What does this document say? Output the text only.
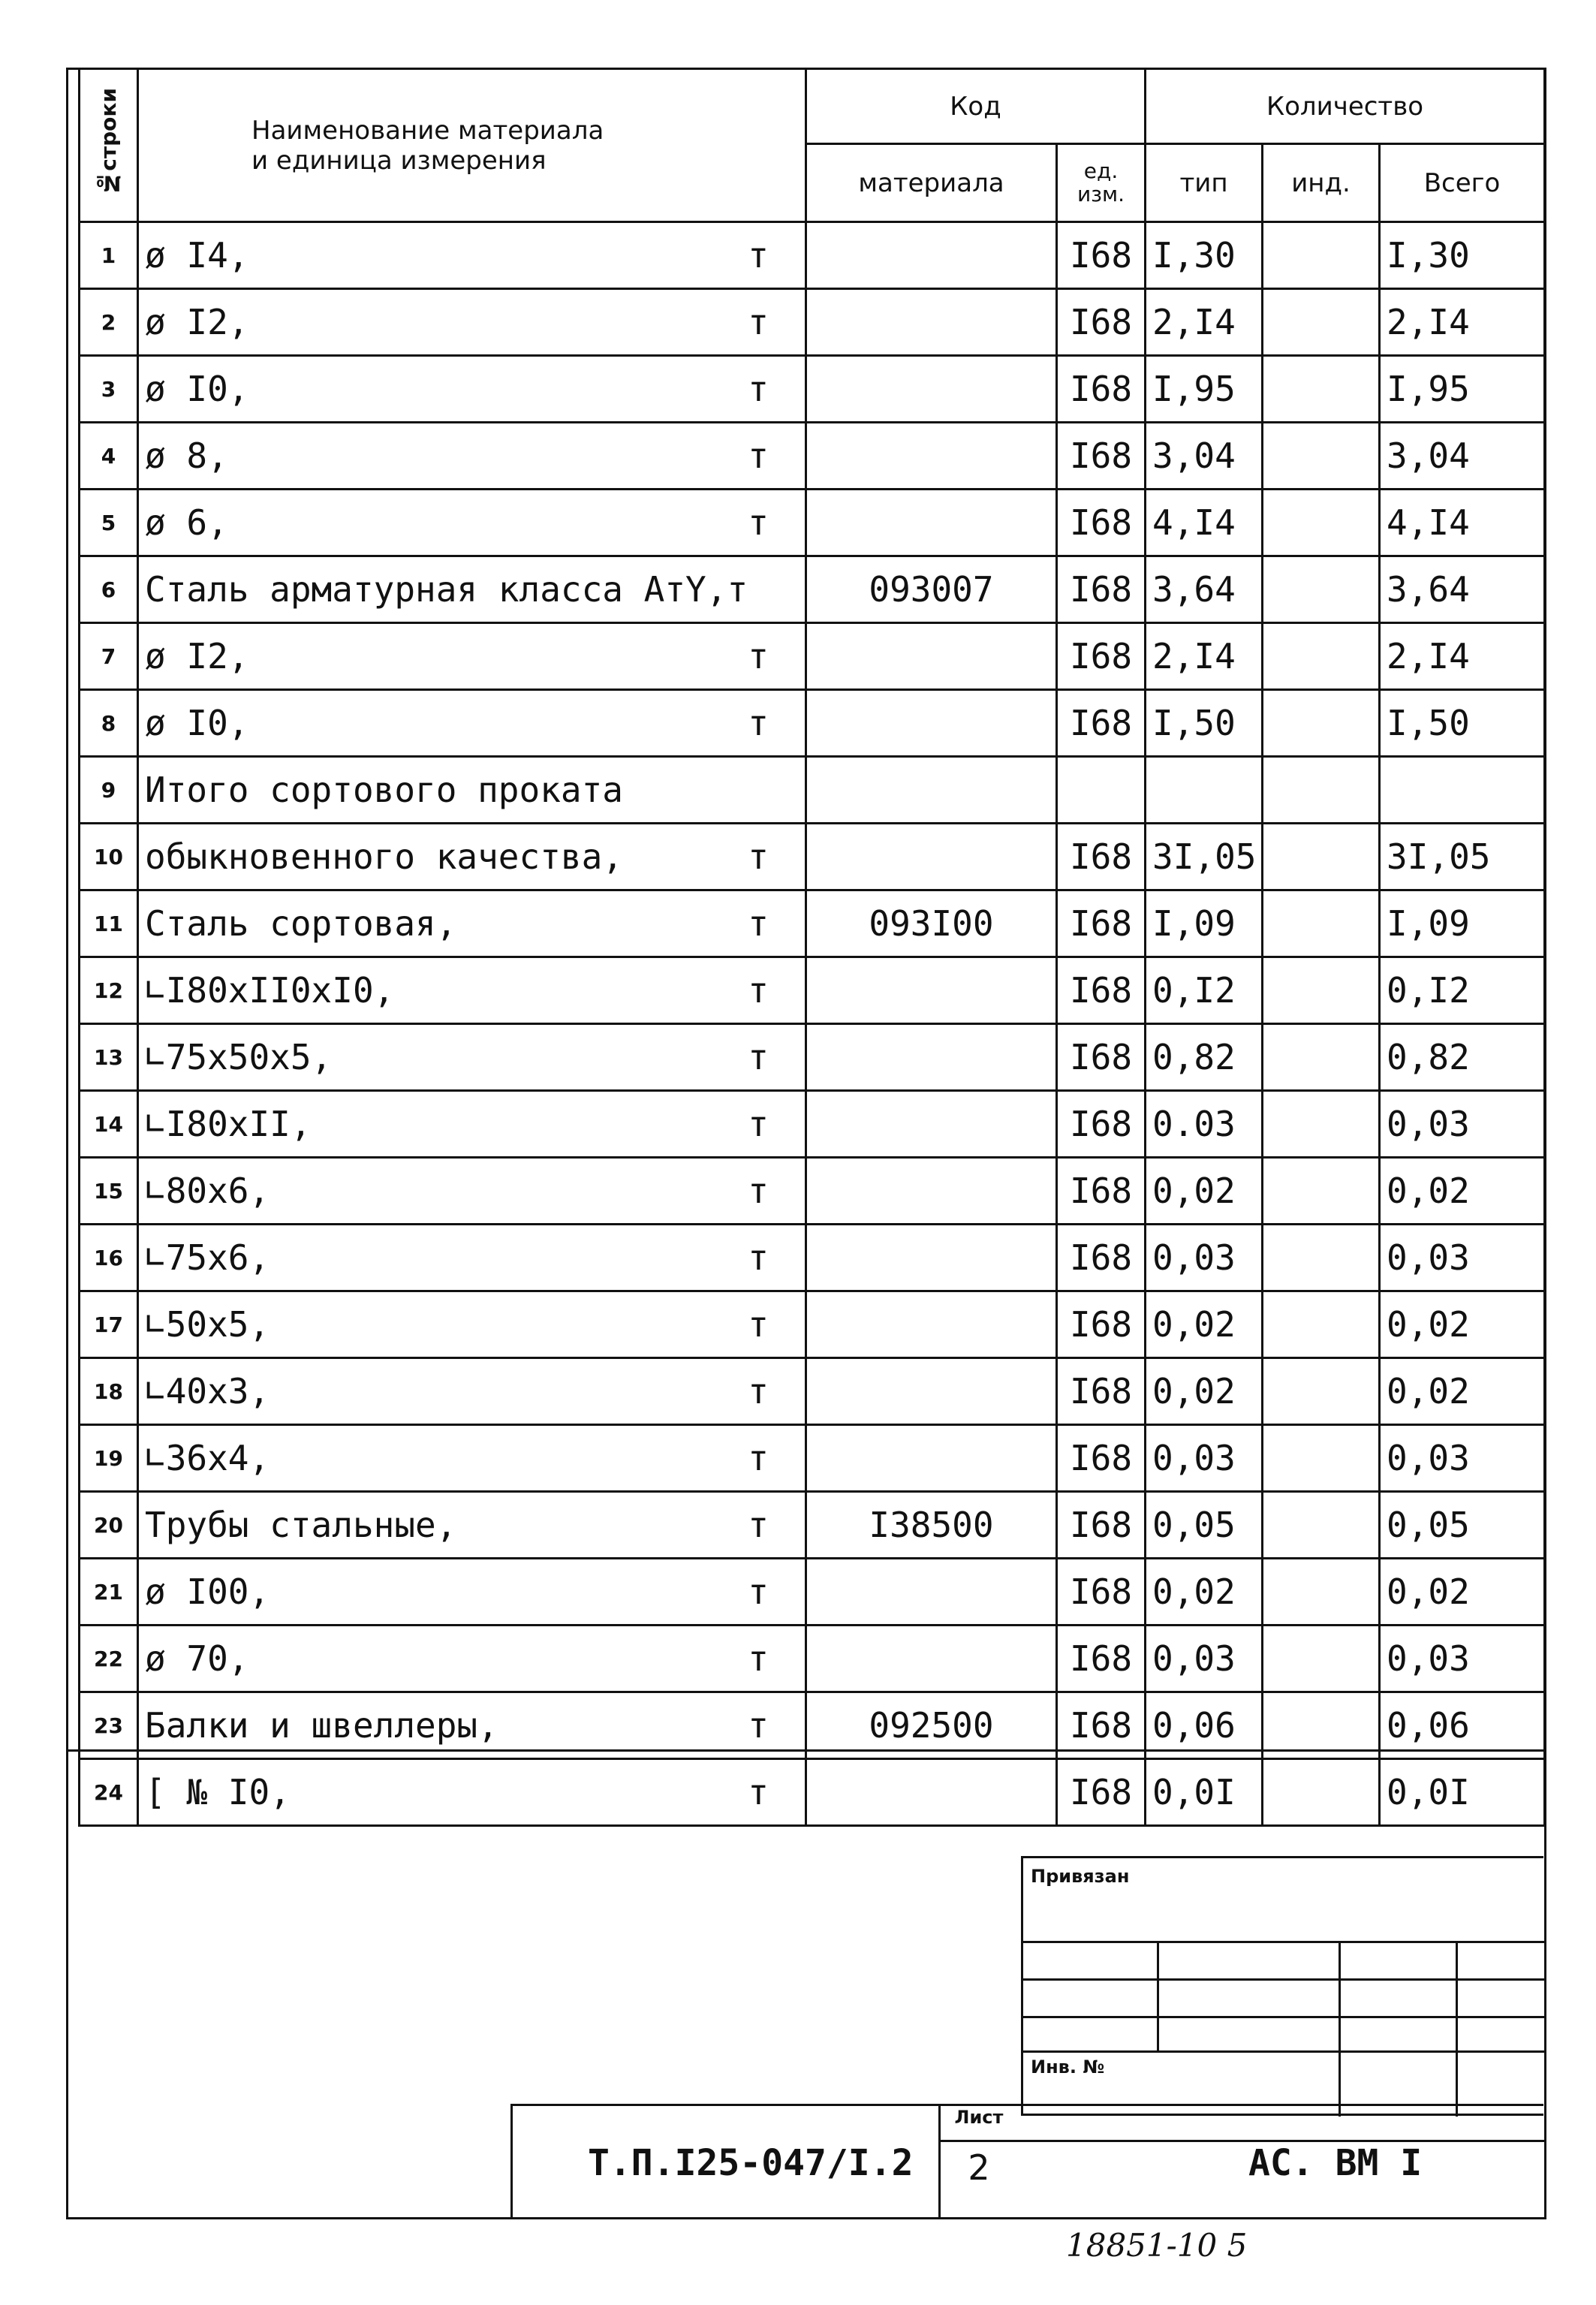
№строки	Наименование материала
и единица измерения	Код		Количество		
		материала	ед. изм.	тип	инд.	Всего
1	ø I4, т		I68	I,30		I,30
2	ø I2, т		I68	2,I4		2,I4
3	ø I0, т		I68	I,95		I,95
4	ø 8, т		I68	3,04		3,04
5	ø 6, т		I68	4,I4		4,I4
6	Сталь арматурная класса АтY,т	093007	I68	3,64		3,64
7	ø I2, т		I68	2,I4		2,I4
8	ø I0, т		I68	I,50		I,50
9	Итого сортового проката

10	обыкновенного качества, т		I68	3I,05		3I,05
11	Сталь сортовая, т	093I00	I68	I,09		I,09
12	∟I80xII0xI0, т		I68	0,I2		0,I2
13	∟75x50x5, т		I68	0,82		0,82
14	∟I80xII, т		I68	0.03		0,03
15	∟80x6, т		I68	0,02		0,02
16	∟75x6, т		I68	0,03		0,03
17	∟50x5, т		I68	0,02		0,02
18	∟40x3, т		I68	0,02		0,02
19	∟36x4, т		I68	0,03		0,03
20	Трубы стальные, т	I38500	I68	0,05		0,05
21	ø I00, т		I68	0,02		0,02
22	ø 70, т		I68	0,03		0,03
23	Балки и швеллеры, т	092500	I68	0,06		0,06
24	[ № I0, т		I68	0,0I		0,0I
Привязан
Инв. №
Т.П.I25-047/I.2	АС. ВМ I
Лист
2
18851-10 5
